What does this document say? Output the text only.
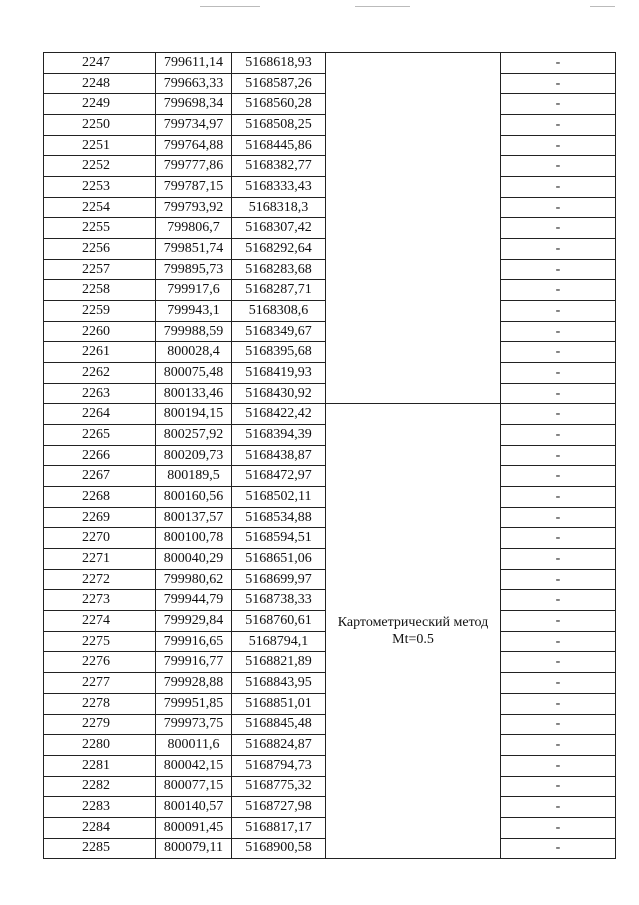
2247	799611,14	5168618,93		-
2248	799663,33	5168587,26		-
2249	799698,34	5168560,28		-
2250	799734,97	5168508,25		-
2251	799764,88	5168445,86		-
2252	799777,86	5168382,77		-
2253	799787,15	5168333,43		-
2254	799793,92	5168318,3		-
2255	799806,7	5168307,42		-
2256	799851,74	5168292,64		-
2257	799895,73	5168283,68		-
2258	799917,6	5168287,71		-
2259	799943,1	5168308,6		-
2260	799988,59	5168349,67		-
2261	800028,4	5168395,68		-
2262	800075,48	5168419,93		-
2263	800133,46	5168430,92		-
2264	800194,15	5168422,42	Картометрический метод
Mt=0.5	-
2265	800257,92	5168394,39		-
2266	800209,73	5168438,87		-
2267	800189,5	5168472,97		-
2268	800160,56	5168502,11		-
2269	800137,57	5168534,88		-
2270	800100,78	5168594,51		-
2271	800040,29	5168651,06		-
2272	799980,62	5168699,97		-
2273	799944,79	5168738,33		-
2274	799929,84	5168760,61		-
2275	799916,65	5168794,1		-
2276	799916,77	5168821,89		-
2277	799928,88	5168843,95		-
2278	799951,85	5168851,01		-
2279	799973,75	5168845,48		-
2280	800011,6	5168824,87		-
2281	800042,15	5168794,73		-
2282	800077,15	5168775,32		-
2283	800140,57	5168727,98		-
2284	800091,45	5168817,17		-
2285	800079,11	5168900,58		-
